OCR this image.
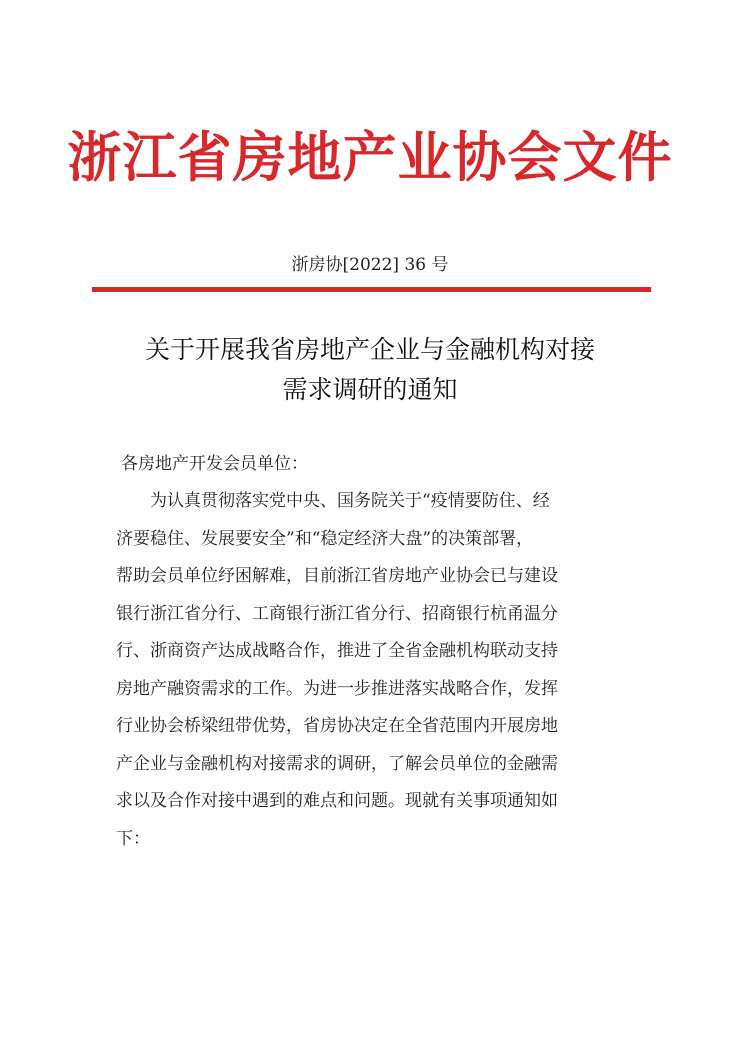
浙江省房地产业协会文件
浙房协[2022] 36 号
关于开展我省房地产企业与金融机构对接
需求调研的通知
各房地产开发会员单位：
　　为认真贯彻落实党中央、国务院关于“疫情要防住、经
济要稳住、发展要安全”和“稳定经济大盘”的决策部署，
帮助会员单位纾困解难，目前浙江省房地产业协会已与建设
银行浙江省分行、工商银行浙江省分行、招商银行杭甬温分
行、浙商资产达成战略合作，推进了全省金融机构联动支持
房地产融资需求的工作。为进一步推进落实战略合作，发挥
行业协会桥梁纽带优势，省房协决定在全省范围内开展房地
产企业与金融机构对接需求的调研，了解会员单位的金融需
求以及合作对接中遇到的难点和问题。现就有关事项通知如
下：
